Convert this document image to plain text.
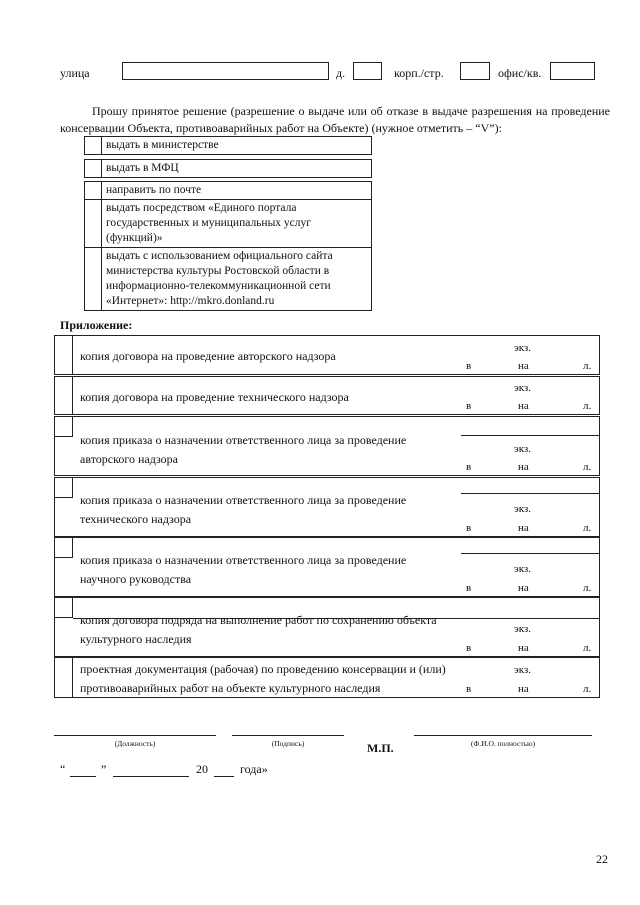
улица	д.	корп./стр.	офис/кв.
Прошу принятое решение (разрешение о выдаче или об отказе в выдаче разрешения на проведение консервации Объекта, противоаварийных работ на Объекте) (нужное отметить – “V”):
выдать в министерстве
выдать в МФЦ
направить по почте
выдать посредством «Единого портала государственных и муниципальных услуг (функций)»
выдать с использованием официального сайта министерства культуры Ростовской области в информационно-телекоммуникационной сети «Интернет»: http://mkro.donland.ru
Приложение:
копия договора на проведение авторского надзора
экз.
в	на	л.
копия договора на проведение технического надзора
экз.
в	на	л.
копия приказа о назначении ответственного лица за проведение авторского надзора
экз.
в	на	л.
копия приказа о назначении ответственного лица за проведение технического надзора
экз.
в	на	л.
копия приказа о назначении ответственного лица за проведение научного руководства
экз.
в	на	л.
копия договора подряда на выполнение работ по сохранению объекта культурного наследия
экз.
в	на	л.
проектная документация (рабочая) по проведению консервации и (или) противоаварийных работ на объекте культурного наследия
экз.
в	на	л.
(Должность)	(Подпись)	М.П.	(Ф.И.О. полностью)
“	”	20	года»
22
